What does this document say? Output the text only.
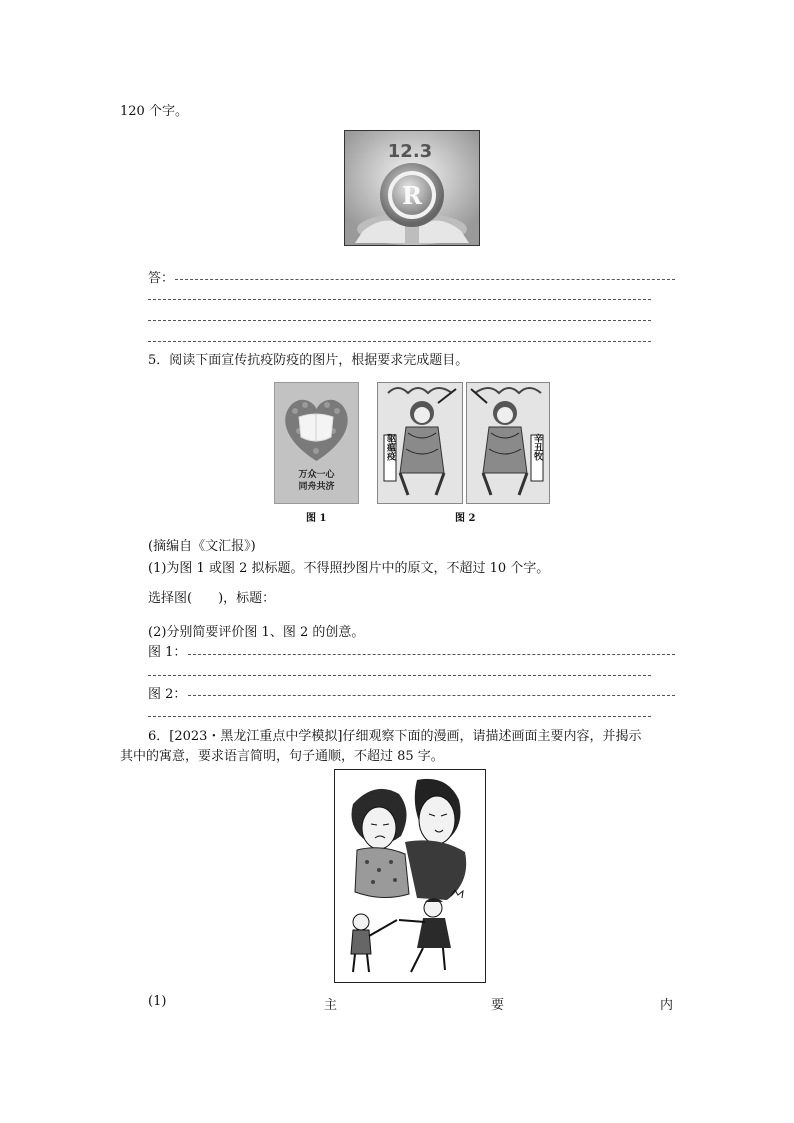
120 个字。
R
12.3
答：
5．阅读下面宣传抗疫防疫的图片，根据要求完成题目。
万众一心
同舟共济
驱瘟疫	辛丑牧
图 1	图 2
(摘编自《文汇报》)
(1)为图 1 或图 2 拟标题。不得照抄图片中的原文，不超过 10 个字。
选择图(　　)，标题：
(2)分别简要评价图 1、图 2 的创意。
图 1：
图 2：
6．[2023・黑龙江重点中学模拟]仔细观察下面的漫画，请描述画面主要内容，并揭示
其中的寓意，要求语言简明，句子通顺，不超过 85 字。
(1)	主	要	内
